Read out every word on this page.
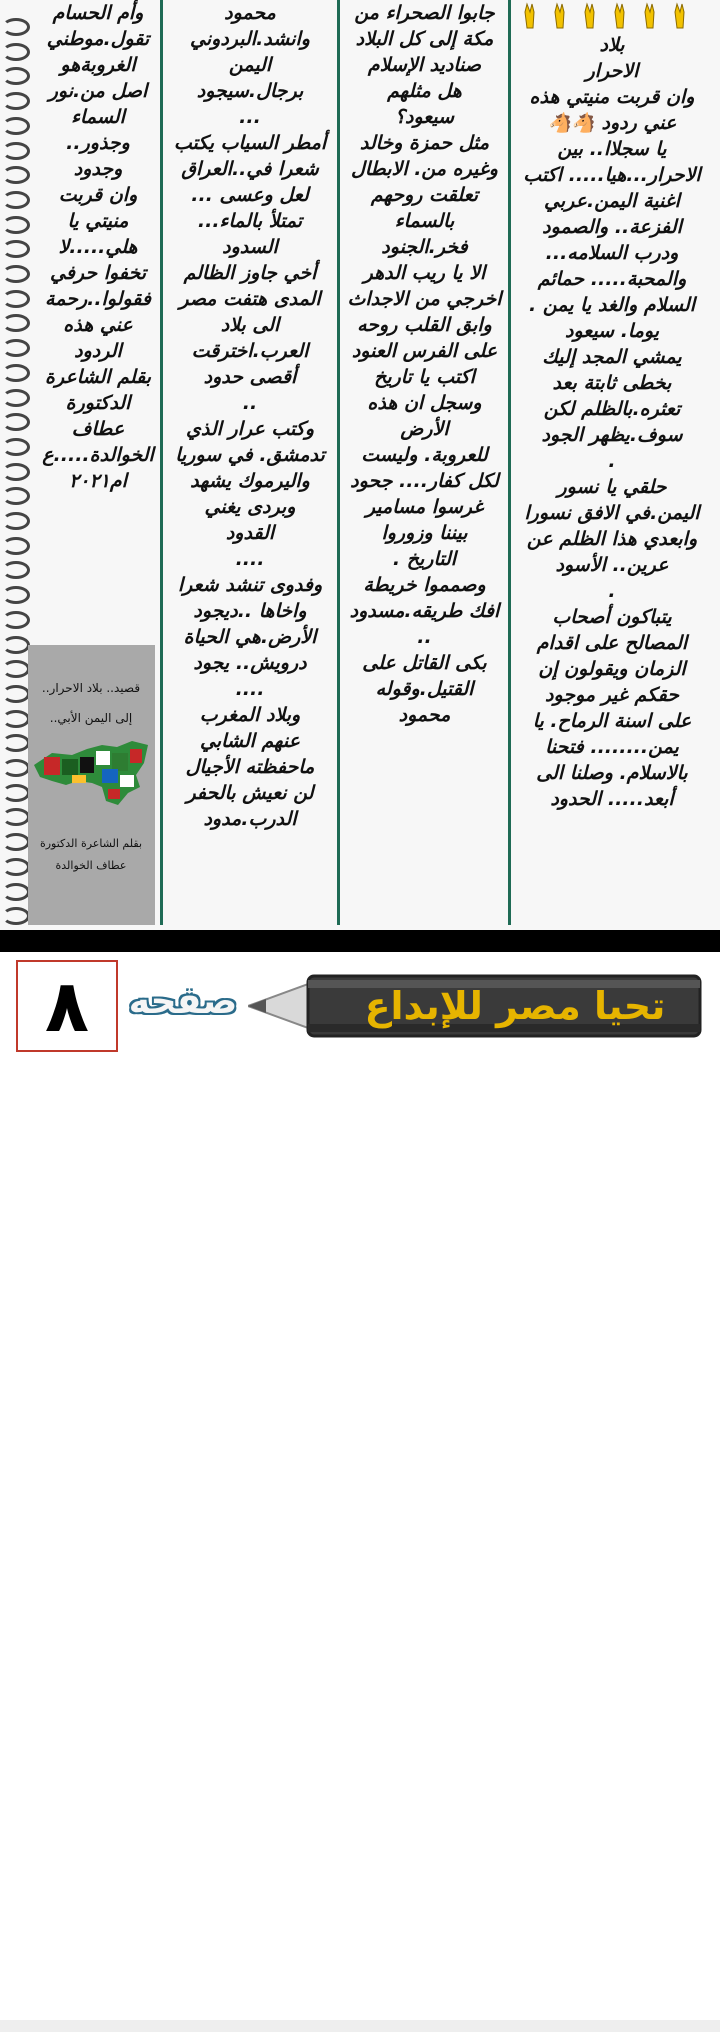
بلاد

الاحرار

وان قربت منيتي هذه

عني ردود 🐴🐴

يا سجلاا.. بين

الاحرار...هيا..... اكتب

اغنية اليمن.عربي

الفزعة.. والصمود

ودرب السلامه...

والمحبة..... حمائم

السلام والغد يا يمن .

يوما. سيعود

يمشي المجد إليك

بخطى ثابتة بعد

تعثره.بالظلم لكن

سوف.يظهر الجود

.

حلقي يا نسور

اليمن.في الافق نسورا

وابعدي هذا الظلم عن

عرين.. الأسود

.

يتباكون أصحاب

المصالح على اقدام

الزمان ويقولون إن

حقكم غير موجود

على اسنة الرماح. يا

يمن........ فتحنا

بالاسلام. وصلنا الى

أبعد..... الحدود

جابوا الصحراء من

مكة إلى كل البلاد

صناديد الإسلام

هل مثلهم

سيعود؟

مثل حمزة وخالد

وغيره من. الابطال

تعلقت روحهم

بالسماء

فخر.الجنود

الا يا ريب الدهر

اخرجي من الاجداث

وابق القلب روحه

على الفرس العنود

اكتب يا تاريخ

وسجل ان هذه

الأرض

للعروبة. وليست

لكل كفار.... جحود

غرسوا مسامير

بيننا وزوروا

التاريخ .

وصمموا خريطة

افك طريقه.مسدود

..

بكى القاتل على

القتيل.وقوله

محمود

محمود

وانشد.البردوني

اليمن

برجال.سيجود

...

أمطر السياب يكتب

شعرا في..العراق

لعل وعسى ...

تمتلأ بالماء...

السدود

أخي جاوز الظالم

المدى هتفت مصر

الى بلاد

العرب.اخترقت

أقصى حدود

..

وكتب عرار الذي

تدمشق. في سوريا

واليرموك يشهد

وبردى يغني

القدود

....

وفدوى تنشد شعرا

واخاها ..ديجود

الأرض.هي الحياة

درويش.. يجود

....

وبلاد المغرب

عنهم الشابي

ماحفظته الأجيال

لن نعيش بالحفر

الدرب.مدود

وأم الحسام

تقول.موطني

الغروبةهو

اصل من.نور

السماء

وجذور..

وجدود

وان قربت

منيتي يا

هلي.....لا

تخفوا حرفي

فقولوا..رحمة

عني هذه

الردود

بقلم الشاعرة

الدكتورة

عطاف

الخوالدة.....ع

ام٢٠٢١

قصيد.. بلاد الاحرار..
إلى اليمن الأبي..
بقلم الشاعرة الدكتورة
عطاف الخوالدة
٨	صفحه	تحيا مصر للإبداع
